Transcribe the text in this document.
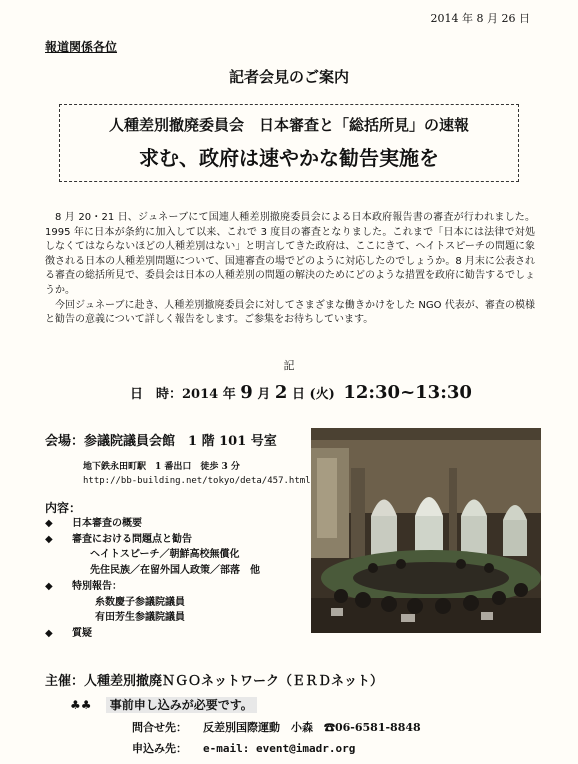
2014 年 8 月 26 日
報道関係各位
記者会見のご案内
人種差別撤廃委員会　日本審査と「総括所見」の速報
求む、政府は速やかな勧告実施を

8 月 20・21 日、ジュネーブにて国連人種差別撤廃委員会による日本政府報告書の審査が行われました。1995 年に日本が条約に加入して以来、これで 3 度目の審査となりました。これまで「日本には法律で対処しなくてはならないほどの人種差別はない」と明言してきた政府は、ここにきて、ヘイトスピーチの問題に象徴される日本の人種差別問題について、国連審査の場でどのように対応したのでしょうか。8 月末に公表される審査の総括所見で、委員会は日本の人種差別の問題の解決のためにどのような措置を政府に勧告するでしょうか。

今回ジュネーブに赴き、人種差別撤廃委員会に対してさまざまな働きかけをした NGO 代表が、審査の模様と勧告の意義について詳しく報告をします。ご参集をお待ちしています。

記
日　時：2014 年 9 月 2 日 (火) 12:30~13:30
会場：参議院議員会館　1 階 101 号室
地下鉄永田町駅　1 番出口　徒歩 3 分
http://bb-building.net/tokyo/deta/457.html
内容：
◆	日本審査の概要
◆	審査における問題点と勧告
ヘイトスピーチ／朝鮮高校無償化
先住民族／在留外国人政策／部落　他
◆	特別報告：
糸数慶子参議院議員
有田芳生参議院議員
◆	質疑
主催：人種差別撤廃ＮＧＯネットワーク（ＥＲＤネット）
♣♣ 事前申し込みが必要です。
問合せ先： 反差別国際運動　小森　☎06-6581-8848
申込み先： e-mail: event@imadr.org
